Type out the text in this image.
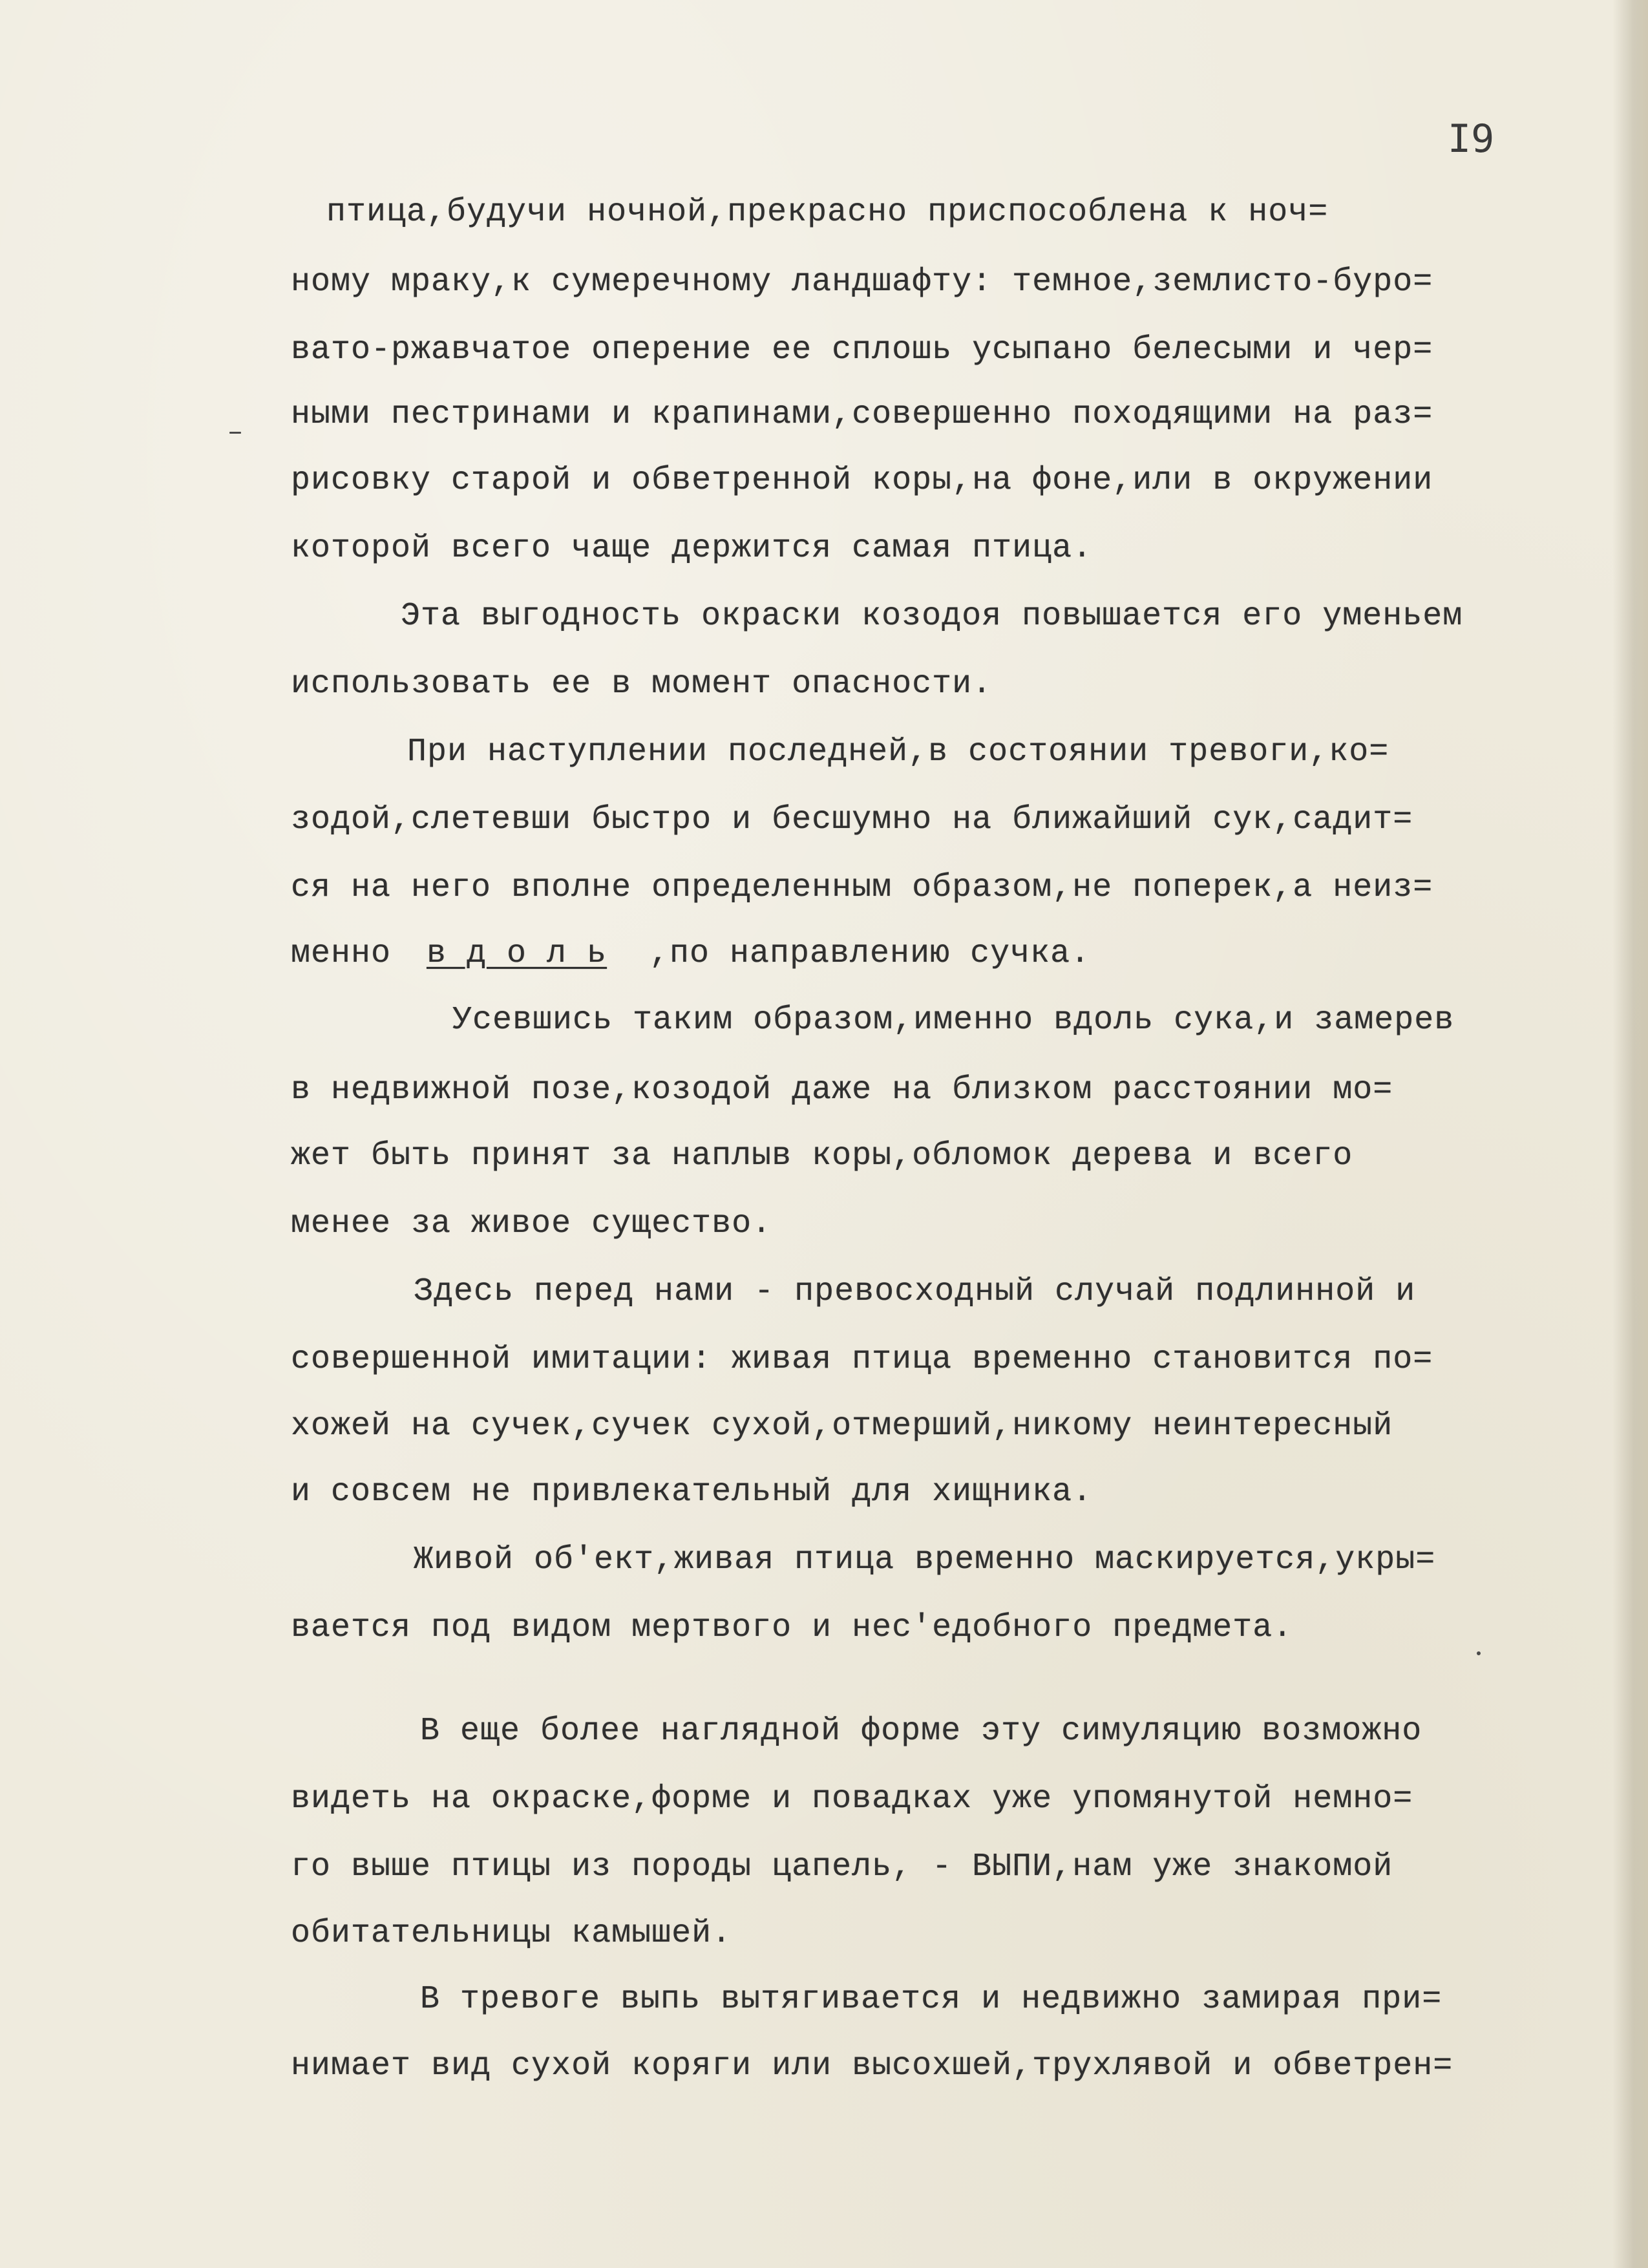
I9

птица,будучи ночной,прекрасно приспособлена к ноч=

ному мраку,к сумеречному ландшафту: темное,землисто-буро=

вато-ржавчатое оперение ее сплошь усыпано белесыми и чер=

ными пестринами и крапинами,совершенно походящими на раз=

рисовку старой и обветренной коры,на фоне,или в окружении

которой всего чаще держится самая птица.

Эта выгодность окраски козодоя повышается его уменьем

использовать ее в момент опасности.

При наступлении последней,в состоянии тревоги,ко=

зодой,слетевши быстро и бесшумно на ближайший сук,садит=

ся на него вполне определенным образом,не поперек,а неиз=

менно в д о л ь ,по направлению сучка.

Усевшись таким образом,именно вдоль сука,и замерев

в недвижной позе,козодой даже на близком расстоянии мо=

жет быть принят за наплыв коры,обломок дерева и всего

менее за живое существо.

Здесь перед нами - превосходный случай подлинной и

совершенной имитации: живая птица временно становится по=

хожей на сучек,сучек сухой,отмерший,никому неинтересный

и совсем не привлекательный для хищника.

Живой об'ект,живая птица временно маскируется,укры=

вается под видом мертвого и нес'едобного предмета.

В еще более наглядной форме эту симуляцию возможно

видеть на окраске,форме и повадках уже упомянутой немно=

го выше птицы из породы цапель, - ВЫПИ,нам уже знакомой

обитательницы камышей.

В тревоге выпь вытягивается и недвижно замирая при=

нимает вид сухой коряги или высохшей,трухлявой и обветрен=
